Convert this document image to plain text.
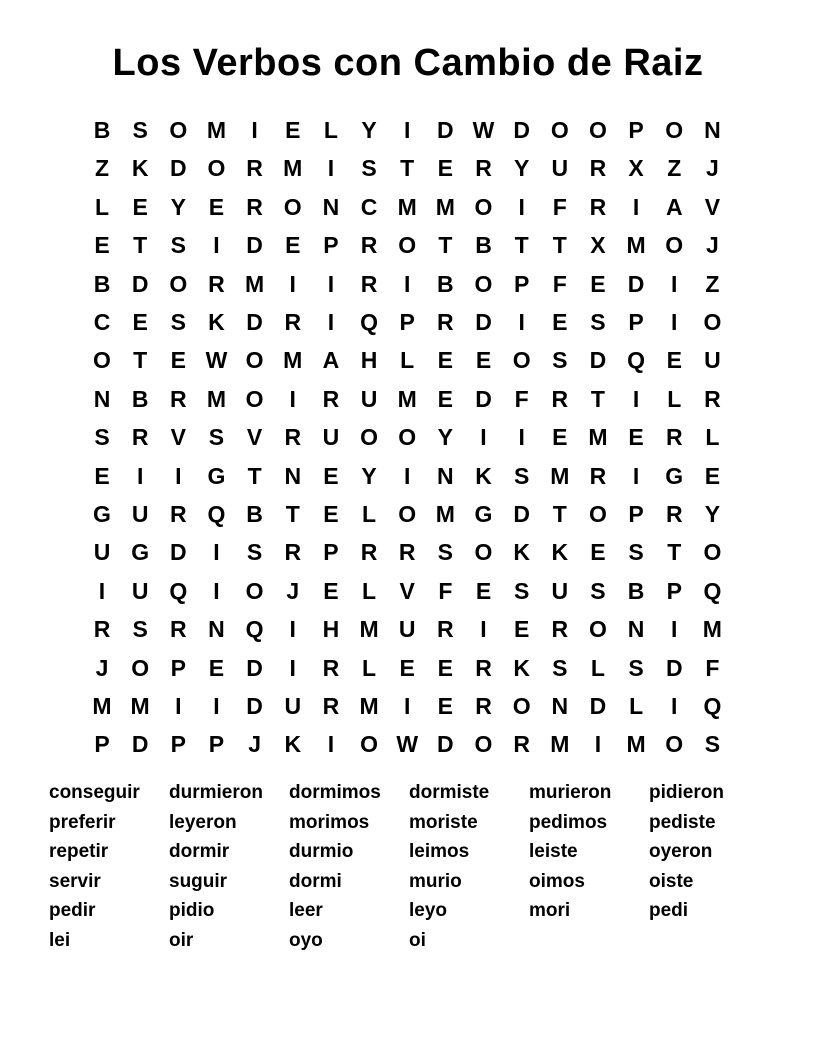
Los Verbos con Cambio de Raiz
B S O M	I	E	L	Y	I	D W D O O P O N
Z K D O R M	I	S	T	E R Y U R X	Z	J
L	E Y E R O N C M M O	I	F R	I	A V
E	T	S	I	D E P R O T B T	T	X M O J
B D O R M	I	I	R	I	B O P	F	E D	I	Z
C E S K D R	I	Q P R D	I	E S P	I	O
O T	E W O M A H L	E E O S D Q E U
N B R M O	I	R U M E D F R T	I	L R
S R V S V R U O O Y	I	I	E M E R L
E	I	I	G T N E Y	I	N K S M R	I	G E
G U R Q B T	E	L O M G D T O P R Y
U G D	I	S R P R R S O K K E S	T O
I	U Q	I	O J	E	L	V	F	E S U S B P Q
R S R N Q	I	H M U R	I	E R O N	I	M
J O P E D	I	R L	E E R K S	L	S D F
M M	I	I	D U R M	I	E R O N D L	I	Q
P D P P	J	K	I	O W D O R M	I	M O S
conseguir durmieron dormimos dormiste murieron pidieron
preferir	leyeron	morimos moriste	pedimos pediste
repetir	dormir	durmio	leimos	leiste	oyeron
servir	suguir	dormi	murio	oimos	oiste
pedir	pidio	leer	leyo	mori	pedi
lei	oir	oyo	oi
